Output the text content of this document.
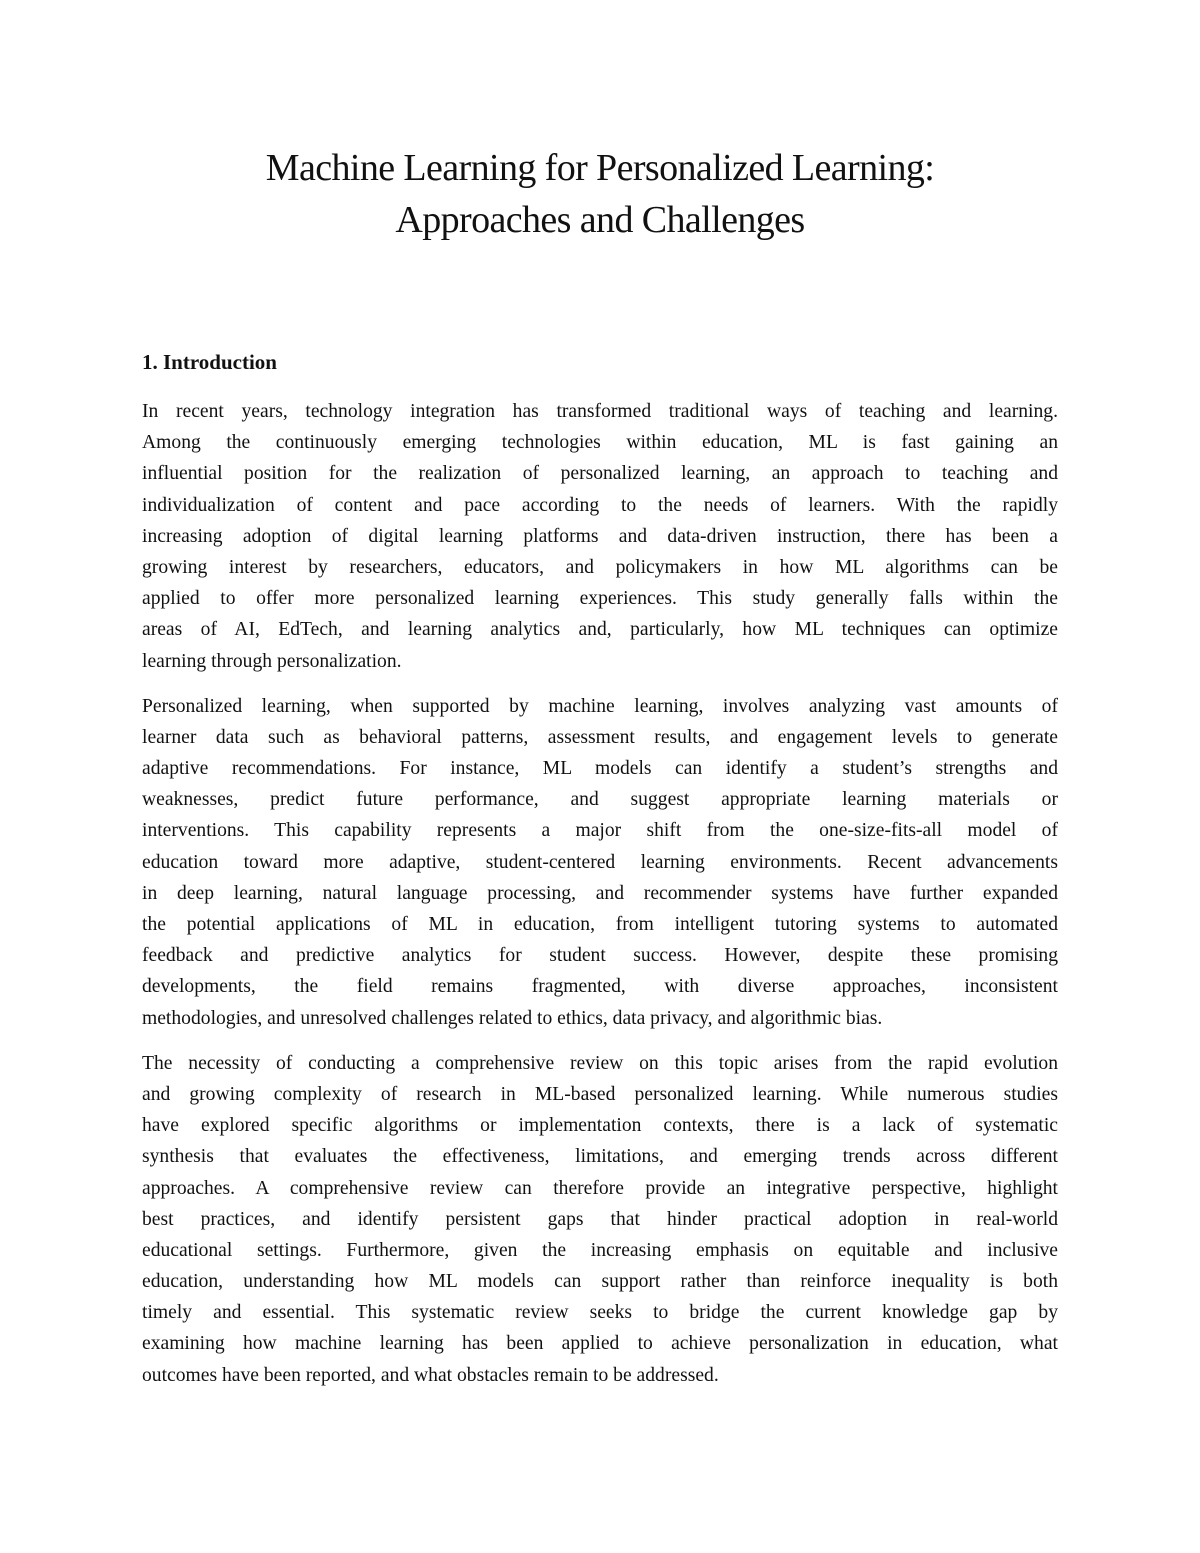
Machine Learning for Personalized Learning:
Approaches and Challenges
1. Introduction
In recent years, technology integration has transformed traditional ways of teaching and learning.
Among the continuously emerging technologies within education, ML is fast gaining an
influential position for the realization of personalized learning, an approach to teaching and
individualization of content and pace according to the needs of learners. With the rapidly
increasing adoption of digital learning platforms and data-driven instruction, there has been a
growing interest by researchers, educators, and policymakers in how ML algorithms can be
applied to offer more personalized learning experiences. This study generally falls within the
areas of AI, EdTech, and learning analytics and, particularly, how ML techniques can optimize
learning through personalization.
Personalized learning, when supported by machine learning, involves analyzing vast amounts of
learner data such as behavioral patterns, assessment results, and engagement levels to generate
adaptive recommendations. For instance, ML models can identify a student’s strengths and
weaknesses, predict future performance, and suggest appropriate learning materials or
interventions. This capability represents a major shift from the one-size-fits-all model of
education toward more adaptive, student-centered learning environments. Recent advancements
in deep learning, natural language processing, and recommender systems have further expanded
the potential applications of ML in education, from intelligent tutoring systems to automated
feedback and predictive analytics for student success. However, despite these promising
developments, the field remains fragmented, with diverse approaches, inconsistent
methodologies, and unresolved challenges related to ethics, data privacy, and algorithmic bias.
The necessity of conducting a comprehensive review on this topic arises from the rapid evolution
and growing complexity of research in ML-based personalized learning. While numerous studies
have explored specific algorithms or implementation contexts, there is a lack of systematic
synthesis that evaluates the effectiveness, limitations, and emerging trends across different
approaches. A comprehensive review can therefore provide an integrative perspective, highlight
best practices, and identify persistent gaps that hinder practical adoption in real-world
educational settings. Furthermore, given the increasing emphasis on equitable and inclusive
education, understanding how ML models can support rather than reinforce inequality is both
timely and essential. This systematic review seeks to bridge the current knowledge gap by
examining how machine learning has been applied to achieve personalization in education, what
outcomes have been reported, and what obstacles remain to be addressed.
